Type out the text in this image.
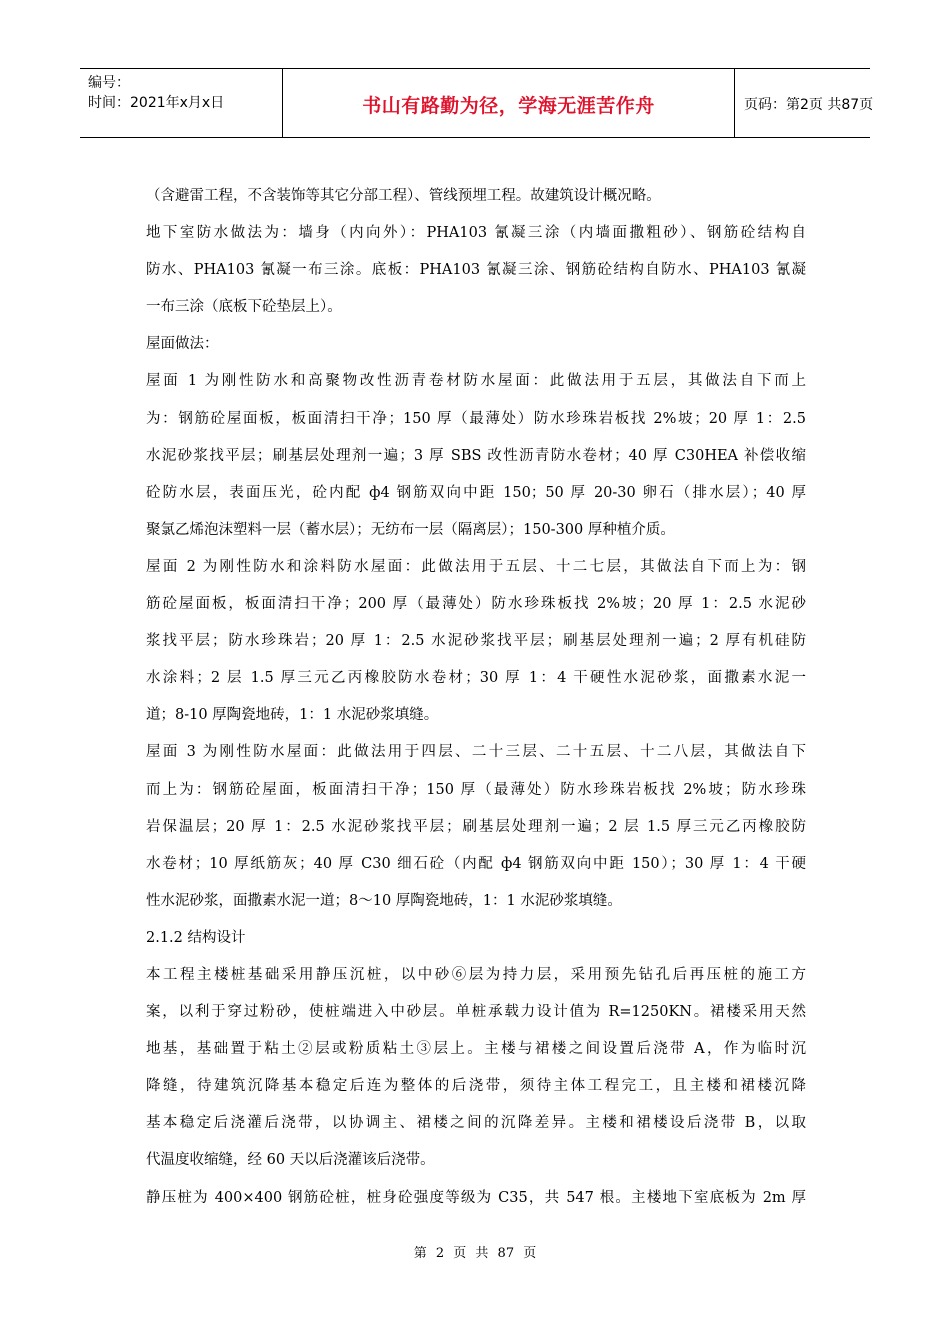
编号：
时间：2021年x月x日	书山有路勤为径，学海无涯苦作舟	页码：第2页 共87页
（含避雷工程，不含装饰等其它分部工程）、管线预埋工程。故建筑设计概况略。
地下室防水做法为：墙身（内向外）：PHA103 氰凝三涂（内墙面撒粗砂）、钢筋砼结构自
防水、PHA103 氰凝一布三涂。底板：PHA103 氰凝三涂、钢筋砼结构自防水、PHA103 氰凝
一布三涂（底板下砼垫层上）。
屋面做法：
屋面 1 为刚性防水和高聚物改性沥青卷材防水屋面：此做法用于五层，其做法自下而上
为：钢筋砼屋面板，板面清扫干净；150 厚（最薄处）防水珍珠岩板找 2%坡；20 厚 1：2.5
水泥砂浆找平层；刷基层处理剂一遍；3 厚 SBS 改性沥青防水卷材；40 厚 C30HEA 补偿收缩
砼防水层，表面压光，砼内配 ф4 钢筋双向中距 150；50 厚 20-30 卵石（排水层）；40 厚
聚氯乙烯泡沫塑料一层（蓄水层）；无纺布一层（隔离层）；150-300 厚种植介质。
屋面 2 为刚性防水和涂料防水屋面：此做法用于五层、十二七层，其做法自下而上为：钢
筋砼屋面板，板面清扫干净；200 厚（最薄处）防水珍珠板找 2%坡；20 厚 1：2.5 水泥砂
浆找平层；防水珍珠岩；20 厚 1：2.5 水泥砂浆找平层；刷基层处理剂一遍；2 厚有机硅防
水涂料；2 层 1.5 厚三元乙丙橡胶防水卷材；30 厚 1：4 干硬性水泥砂浆，面撒素水泥一
道；8-10 厚陶瓷地砖，1：1 水泥砂浆填缝。
屋面 3 为刚性防水屋面：此做法用于四层、二十三层、二十五层、十二八层，其做法自下
而上为：钢筋砼屋面，板面清扫干净；150 厚（最薄处）防水珍珠岩板找 2%坡；防水珍珠
岩保温层；20 厚 1：2.5 水泥砂浆找平层；刷基层处理剂一遍；2 层 1.5 厚三元乙丙橡胶防
水卷材；10 厚纸筋灰；40 厚 C30 细石砼（内配 ф4 钢筋双向中距 150）；30 厚 1：4 干硬
性水泥砂浆，面撒素水泥一道；8～10 厚陶瓷地砖，1：1 水泥砂浆填缝。
2.1.2 结构设计
本工程主楼桩基础采用静压沉桩，以中砂⑥层为持力层，采用预先钻孔后再压桩的施工方
案，以利于穿过粉砂，使桩端进入中砂层。单桩承载力设计值为 R=1250KN。裙楼采用天然
地基，基础置于粘土②层或粉质粘土③层上。主楼与裙楼之间设置后浇带 A，作为临时沉
降缝，待建筑沉降基本稳定后连为整体的后浇带，须待主体工程完工，且主楼和裙楼沉降
基本稳定后浇灌后浇带，以协调主、裙楼之间的沉降差异。主楼和裙楼设后浇带 B，以取
代温度收缩缝，经 60 天以后浇灌该后浇带。
静压桩为 400×400 钢筋砼桩，桩身砼强度等级为 C35，共 547 根。主楼地下室底板为 2m 厚
第 2 页 共 87 页
